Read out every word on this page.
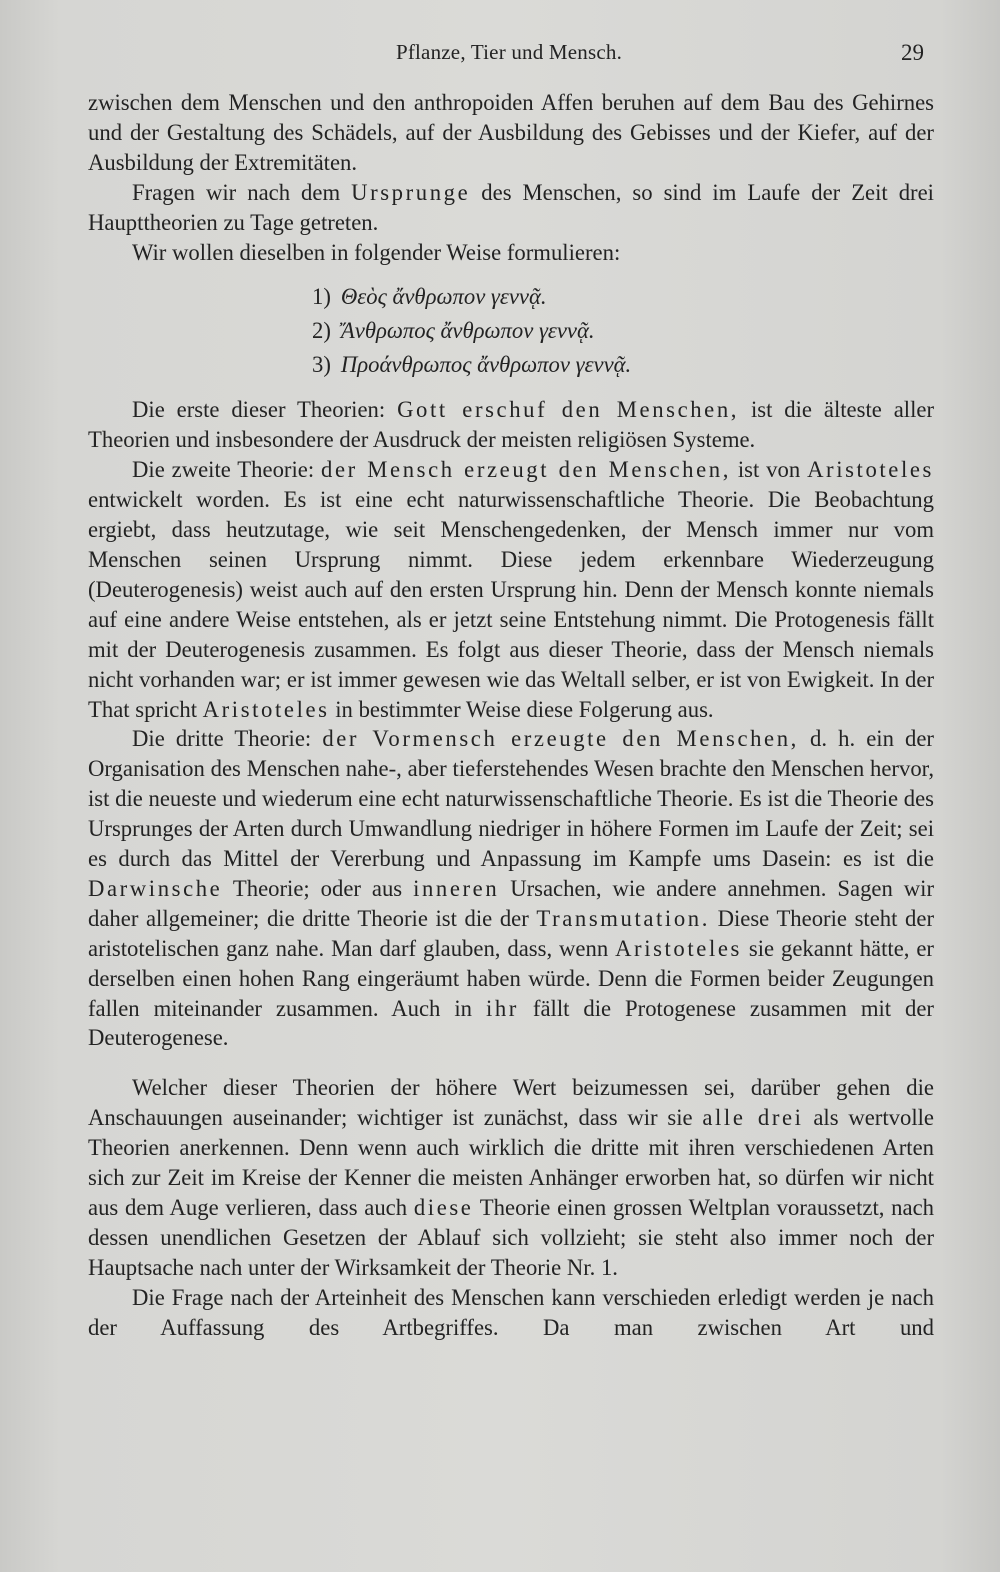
Pflanze, Tier und Mensch.	29

zwischen dem Menschen und den anthropoiden Affen beruhen auf dem Bau des Gehirnes und der Gestaltung des Schädels, auf der Ausbildung des Gebisses und der Kiefer, auf der Ausbildung der Extremitäten.

Fragen wir nach dem Ursprunge des Menschen, so sind im Laufe der Zeit drei Haupttheorien zu Tage getreten.

Wir wollen dieselben in folgender Weise formulieren:

1) Θεὸς ἄνθρωπον γεννᾷ.
2) Ἄνθρωπος ἄνθρωπον γεννᾷ.
3) Προάνθρωπος ἄνθρωπον γεννᾷ.

Die erste dieser Theorien: Gott erschuf den Menschen, ist die älteste aller Theorien und insbesondere der Ausdruck der meisten religiösen Systeme.

Die zweite Theorie: der Mensch erzeugt den Menschen, ist von Aristoteles entwickelt worden. Es ist eine echt naturwissenschaftliche Theorie. Die Beobachtung ergiebt, dass heutzutage, wie seit Menschengedenken, der Mensch immer nur vom Menschen seinen Ursprung nimmt. Diese jedem erkennbare Wiederzeugung (Deuterogenesis) weist auch auf den ersten Ursprung hin. Denn der Mensch konnte niemals auf eine andere Weise entstehen, als er jetzt seine Entstehung nimmt. Die Protogenesis fällt mit der Deuterogenesis zusammen. Es folgt aus dieser Theorie, dass der Mensch niemals nicht vorhanden war; er ist immer gewesen wie das Weltall selber, er ist von Ewigkeit. In der That spricht Aristoteles in bestimmter Weise diese Folgerung aus.

Die dritte Theorie: der Vormensch erzeugte den Menschen, d. h. ein der Organisation des Menschen nahe-, aber tieferstehendes Wesen brachte den Menschen hervor, ist die neueste und wiederum eine echt naturwissenschaftliche Theorie. Es ist die Theorie des Ursprunges der Arten durch Umwandlung niedriger in höhere Formen im Laufe der Zeit; sei es durch das Mittel der Vererbung und Anpassung im Kampfe ums Dasein: es ist die Darwinsche Theorie; oder aus inneren Ursachen, wie andere annehmen. Sagen wir daher allgemeiner; die dritte Theorie ist die der Transmutation. Diese Theorie steht der aristotelischen ganz nahe. Man darf glauben, dass, wenn Aristoteles sie gekannt hätte, er derselben einen hohen Rang eingeräumt haben würde. Denn die Formen beider Zeugungen fallen miteinander zusammen. Auch in ihr fällt die Protogenese zusammen mit der Deuterogenese.

Welcher dieser Theorien der höhere Wert beizumessen sei, darüber gehen die Anschauungen auseinander; wichtiger ist zunächst, dass wir sie alle drei als wertvolle Theorien anerkennen. Denn wenn auch wirklich die dritte mit ihren verschiedenen Arten sich zur Zeit im Kreise der Kenner die meisten Anhänger erworben hat, so dürfen wir nicht aus dem Auge verlieren, dass auch diese Theorie einen grossen Weltplan voraussetzt, nach dessen unendlichen Gesetzen der Ablauf sich vollzieht; sie steht also immer noch der Hauptsache nach unter der Wirksamkeit der Theorie Nr. 1.

Die Frage nach der Arteinheit des Menschen kann verschieden erledigt werden je nach der Auffassung des Artbegriffes. Da man zwischen Art und
